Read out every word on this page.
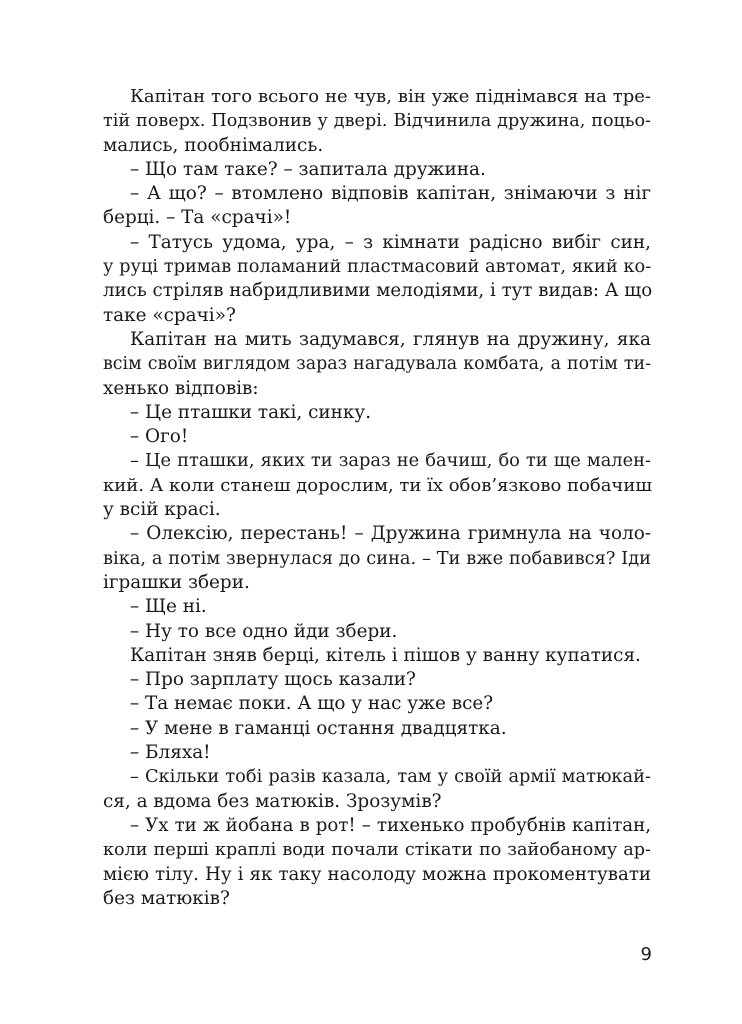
Капітан того всього не чув, він уже піднімався на тре-
тій поверх. Подзвонив у двері. Відчинила дружина, поцьо-
мались, пообнімались.
– Що там таке? – запитала дружина.
– А що? – втомлено відповів капітан, знімаючи з ніг
берці. – Та «срачі»!
– Татусь удома, ура, – з кімнати радісно вибіг син,
у руці тримав поламаний пластмасовий автомат, який ко-
лись стріляв набридливими мелодіями, і тут видав: А що
таке «срачі»?
Капітан на мить задумався, глянув на дружину, яка
всім своїм виглядом зараз нагадувала комбата, а потім ти-
хенько відповів:
– Це пташки такі, синку.
– Ого!
– Це пташки, яких ти зараз не бачиш, бо ти ще мален-
кий. А коли станеш дорослим, ти їх обов’язково побачиш
у всій красі.
– Олексію, перестань! – Дружина гримнула на чоло-
віка, а потім звернулася до сина. – Ти вже побавився? Іди
іграшки збери.
– Ще ні.
– Ну то все одно йди збери.
Капітан зняв берці, кітель і пішов у ванну купатися.
– Про зарплату щось казали?
– Та немає поки. А що у нас уже все?
– У мене в гаманці остання двадцятка.
– Бляха!
– Скільки тобі разів казала, там у своїй армії матюкай-
ся, а вдома без матюків. Зрозумів?
– Ух ти ж йобана в рот! – тихенько пробубнів капітан,
коли перші краплі води почали стікати по зайобаному ар-
мією тілу. Ну і як таку насолоду можна прокоментувати
без матюків?
9
